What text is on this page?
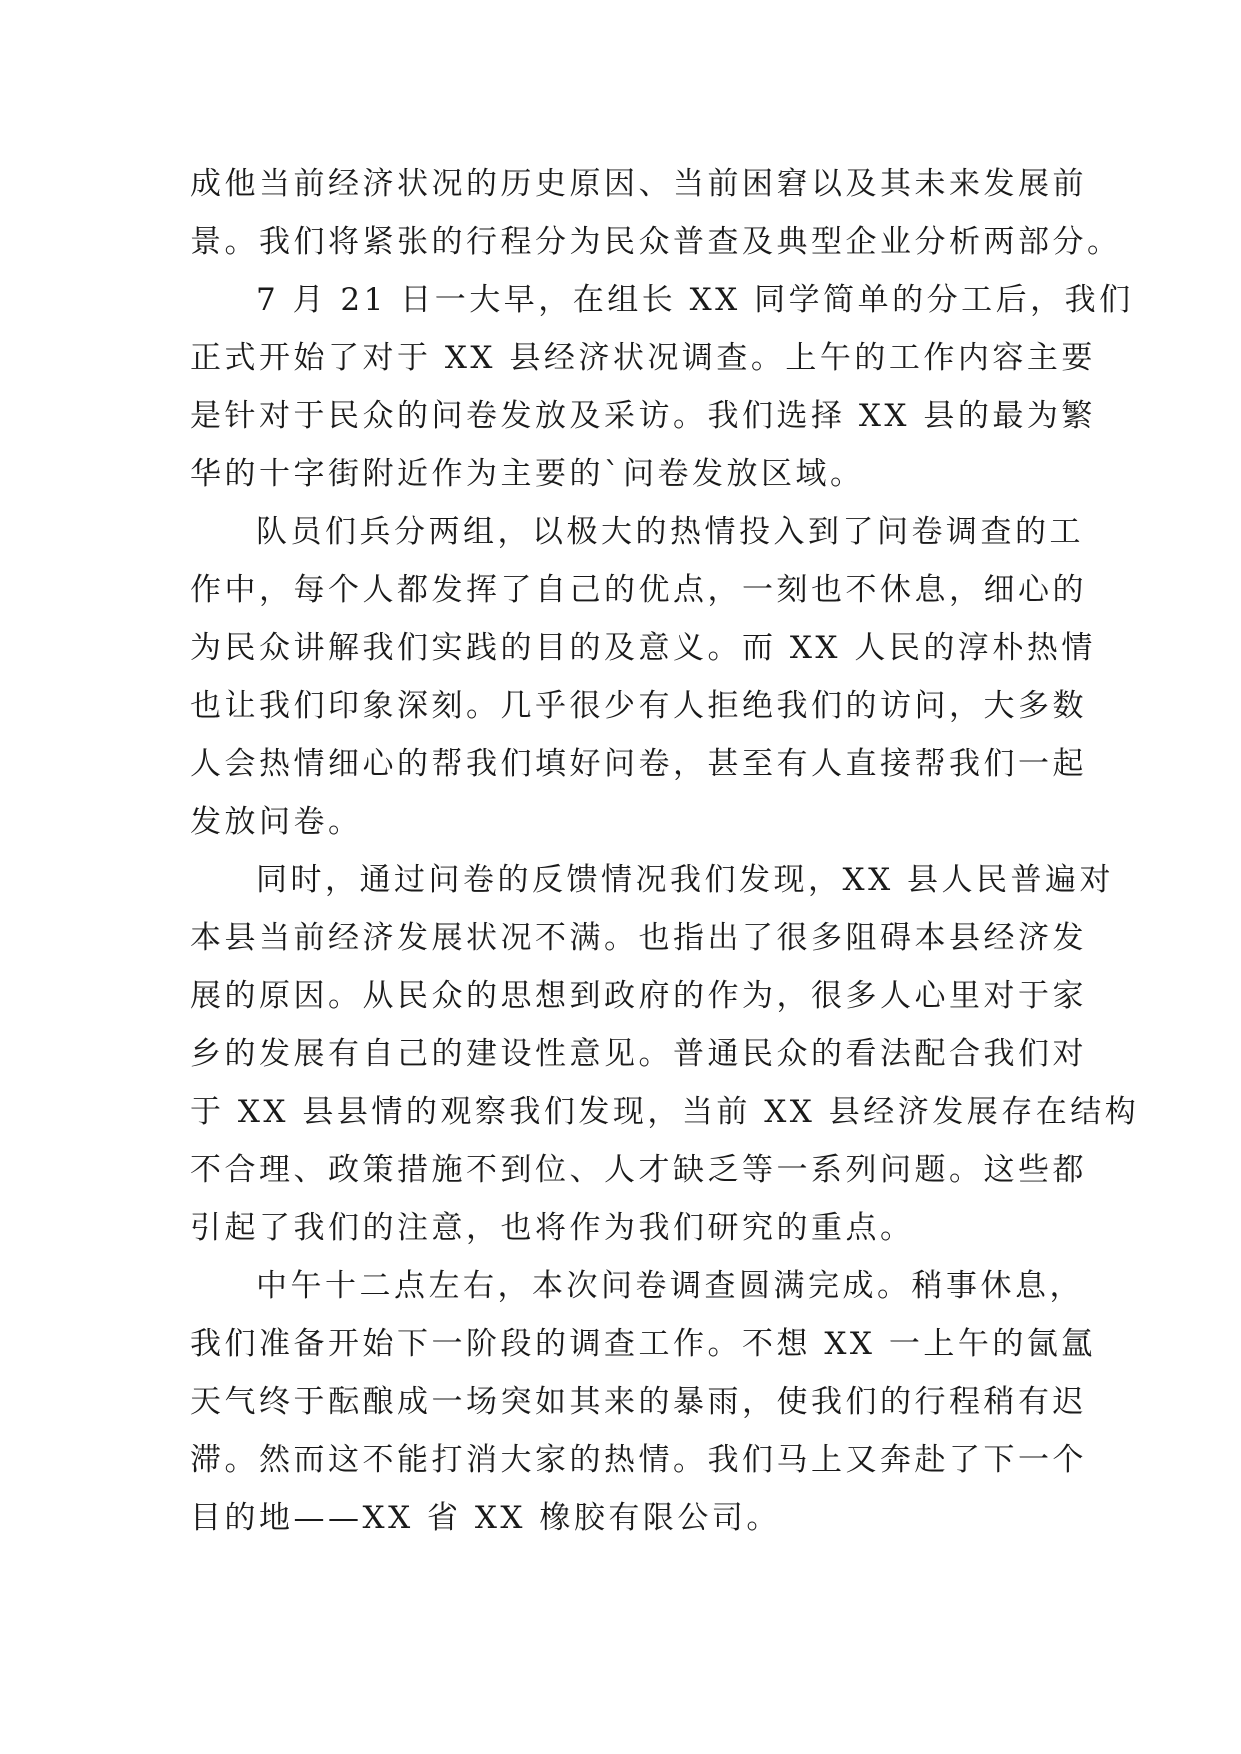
成他当前经济状况的历史原因、当前困窘以及其未来发展前
景。我们将紧张的行程分为民众普查及典型企业分析两部分。
7 月 21 日一大早，在组长 XX 同学简单的分工后，我们
正式开始了对于 XX 县经济状况调查。上午的工作内容主要
是针对于民众的问卷发放及采访。我们选择 XX 县的最为繁
华的十字街附近作为主要的`问卷发放区域。
队员们兵分两组，以极大的热情投入到了问卷调查的工
作中，每个人都发挥了自己的优点，一刻也不休息，细心的
为民众讲解我们实践的目的及意义。而 XX 人民的淳朴热情
也让我们印象深刻。几乎很少有人拒绝我们的访问，大多数
人会热情细心的帮我们填好问卷，甚至有人直接帮我们一起
发放问卷。
同时，通过问卷的反馈情况我们发现，XX 县人民普遍对
本县当前经济发展状况不满。也指出了很多阻碍本县经济发
展的原因。从民众的思想到政府的作为，很多人心里对于家
乡的发展有自己的建设性意见。普通民众的看法配合我们对
于 XX 县县情的观察我们发现，当前 XX 县经济发展存在结构
不合理、政策措施不到位、人才缺乏等一系列问题。这些都
引起了我们的注意，也将作为我们研究的重点。
中午十二点左右，本次问卷调查圆满完成。稍事休息，
我们准备开始下一阶段的调查工作。不想 XX 一上午的氤氲
天气终于酝酿成一场突如其来的暴雨，使我们的行程稍有迟
滞。然而这不能打消大家的热情。我们马上又奔赴了下一个
目的地——XX 省 XX 橡胶有限公司。
